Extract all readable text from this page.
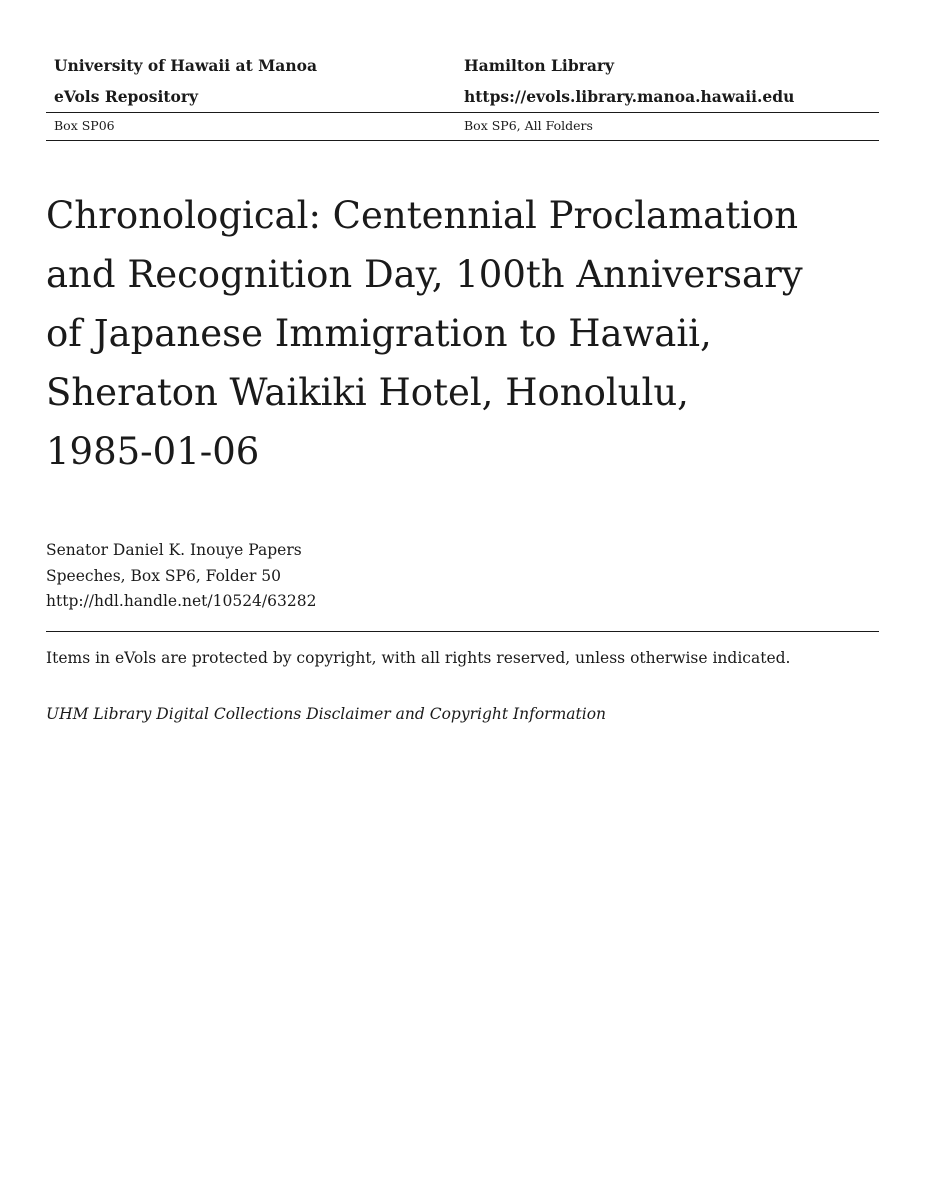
University of Hawaii at Manoa	Hamilton Library
eVols Repository	https://evols.library.manoa.hawaii.edu
Box SP06	Box SP6, All Folders
Chronological: Centennial Proclamation and Recognition Day, 100th Anniversary of Japanese Immigration to Hawaii, Sheraton Waikiki Hotel, Honolulu, 1985-01-06
Senator Daniel K. Inouye Papers
Speeches, Box SP6, Folder 50
http://hdl.handle.net/10524/63282
Items in eVols are protected by copyright, with all rights reserved, unless otherwise indicated.
UHM Library Digital Collections Disclaimer and Copyright Information
